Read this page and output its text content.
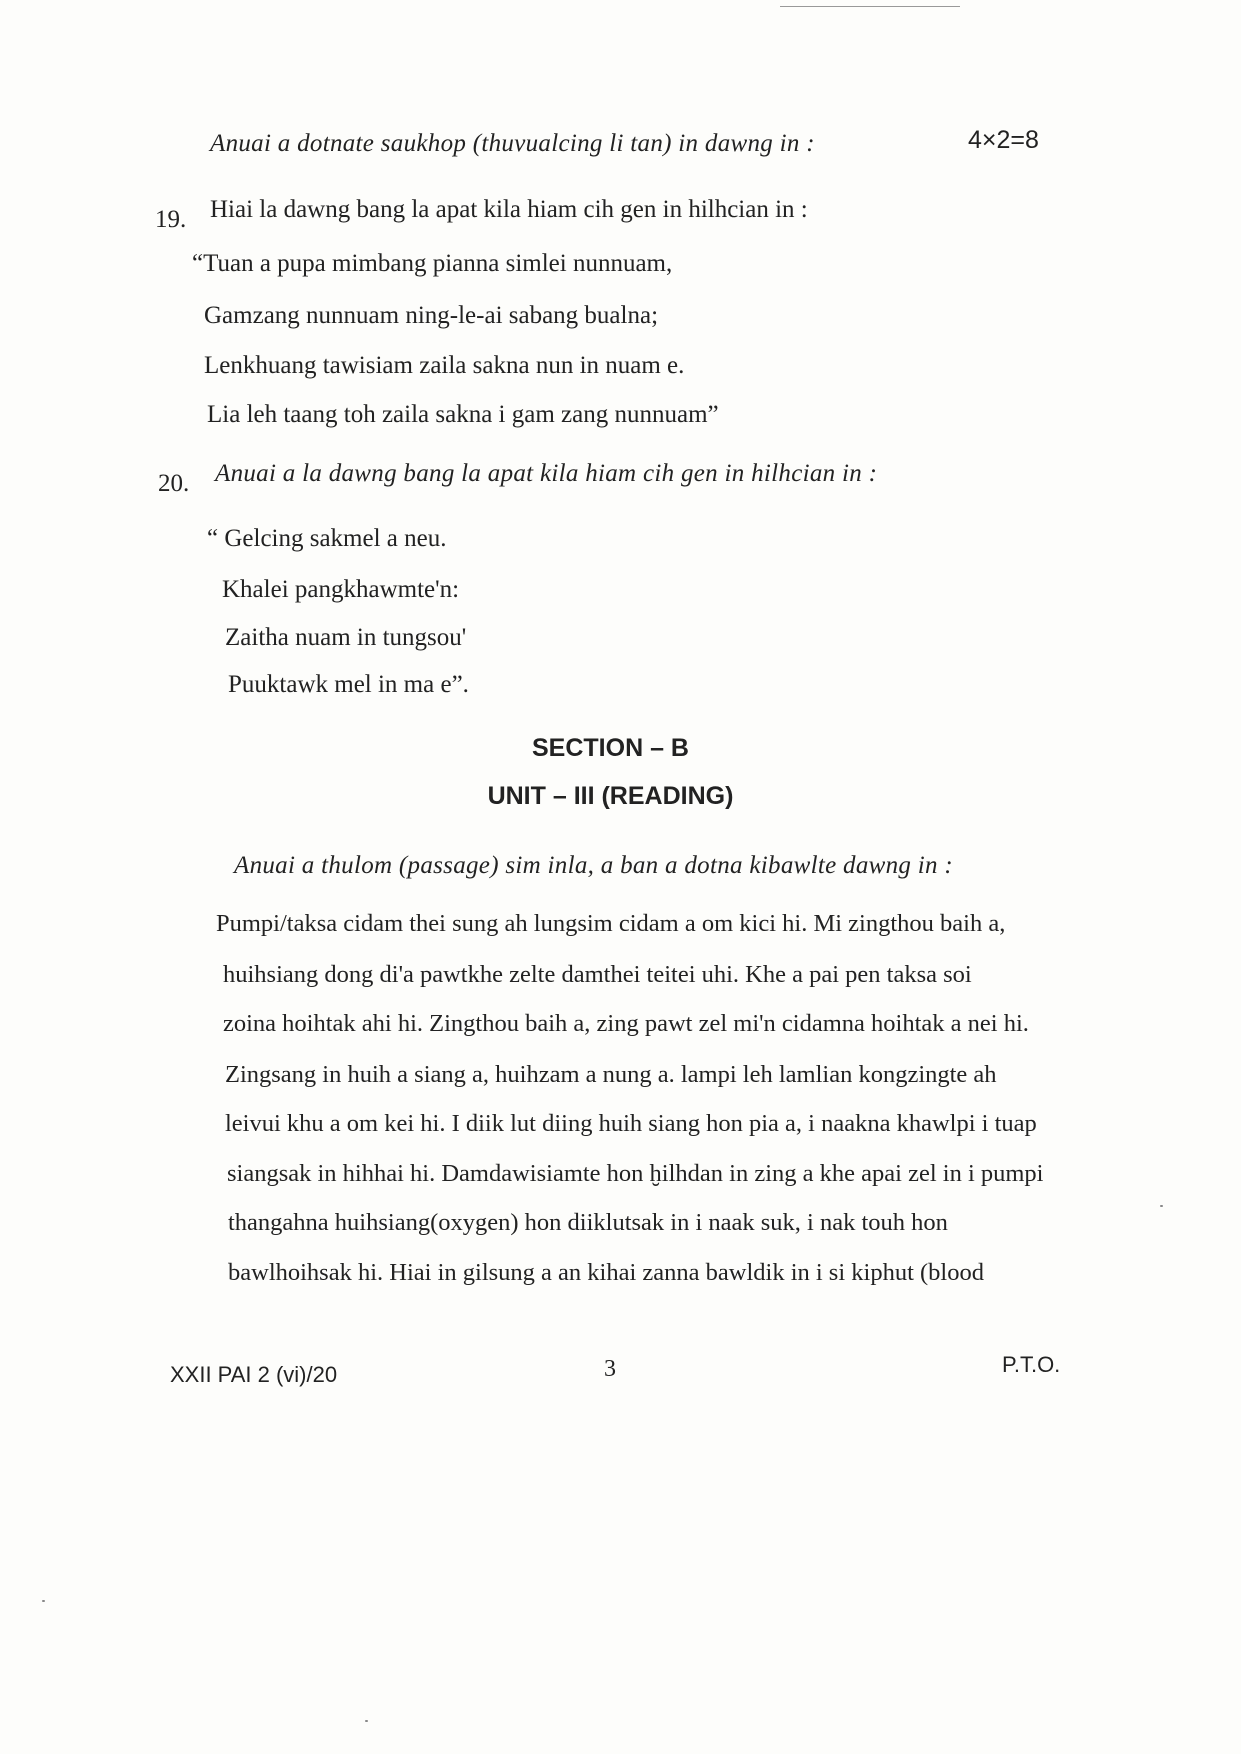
Anuai a dotnate saukhop (thuvualcing li tan) in dawng in :	4×2=8
19. Hiai la dawng bang la apat kila hiam cih gen in hilhcian in :
“Tuan a pupa mimbang pianna simlei nunnuam,
Gamzang nunnuam ning-le-ai sabang bualna;
Lenkhuang tawisiam zaila sakna nun in nuam e.
Lia leh taang toh zaila sakna i gam zang nunnuam”
20. Anuai a la dawng bang la apat kila hiam cih gen in hilhcian in :
“ Gelcing sakmel a neu.
Khalei pangkhawmte'n:
Zaitha nuam in tungsou'
Puuktawk mel in ma e”.
SECTION – B
UNIT – III (READING)
Anuai a thulom (passage) sim inla, a ban a dotna kibawlte dawng in :
Pumpi/taksa cidam thei sung ah lungsim cidam a om kici hi. Mi zingthou baih a,
huihsiang dong di'a pawtkhe zelte damthei teitei uhi. Khe a pai pen taksa soi
zoina hoihtak ahi hi. Zingthou baih a, zing pawt zel mi'n cidamna hoihtak a nei hi.
Zingsang in huih a siang a, huihzam a nung a. lampi leh lamlian kongzingte ah
leivui khu a om kei hi. I diik lut diing huih siang hon pia a, i naakna khawlpi i tuap
siangsak in hihhai hi. Damdawisiamte hon ḫilhdan in zing a khe apai zel in i pumpi
thangahna huihsiang(oxygen) hon diiklutsak in i naak suk, i nak touh hon
bawlhoihsak hi. Hiai in gilsung a an kihai zanna bawldik in i si kiphut (blood
XXII PAI 2 (vi)/20	3	P.T.O.
